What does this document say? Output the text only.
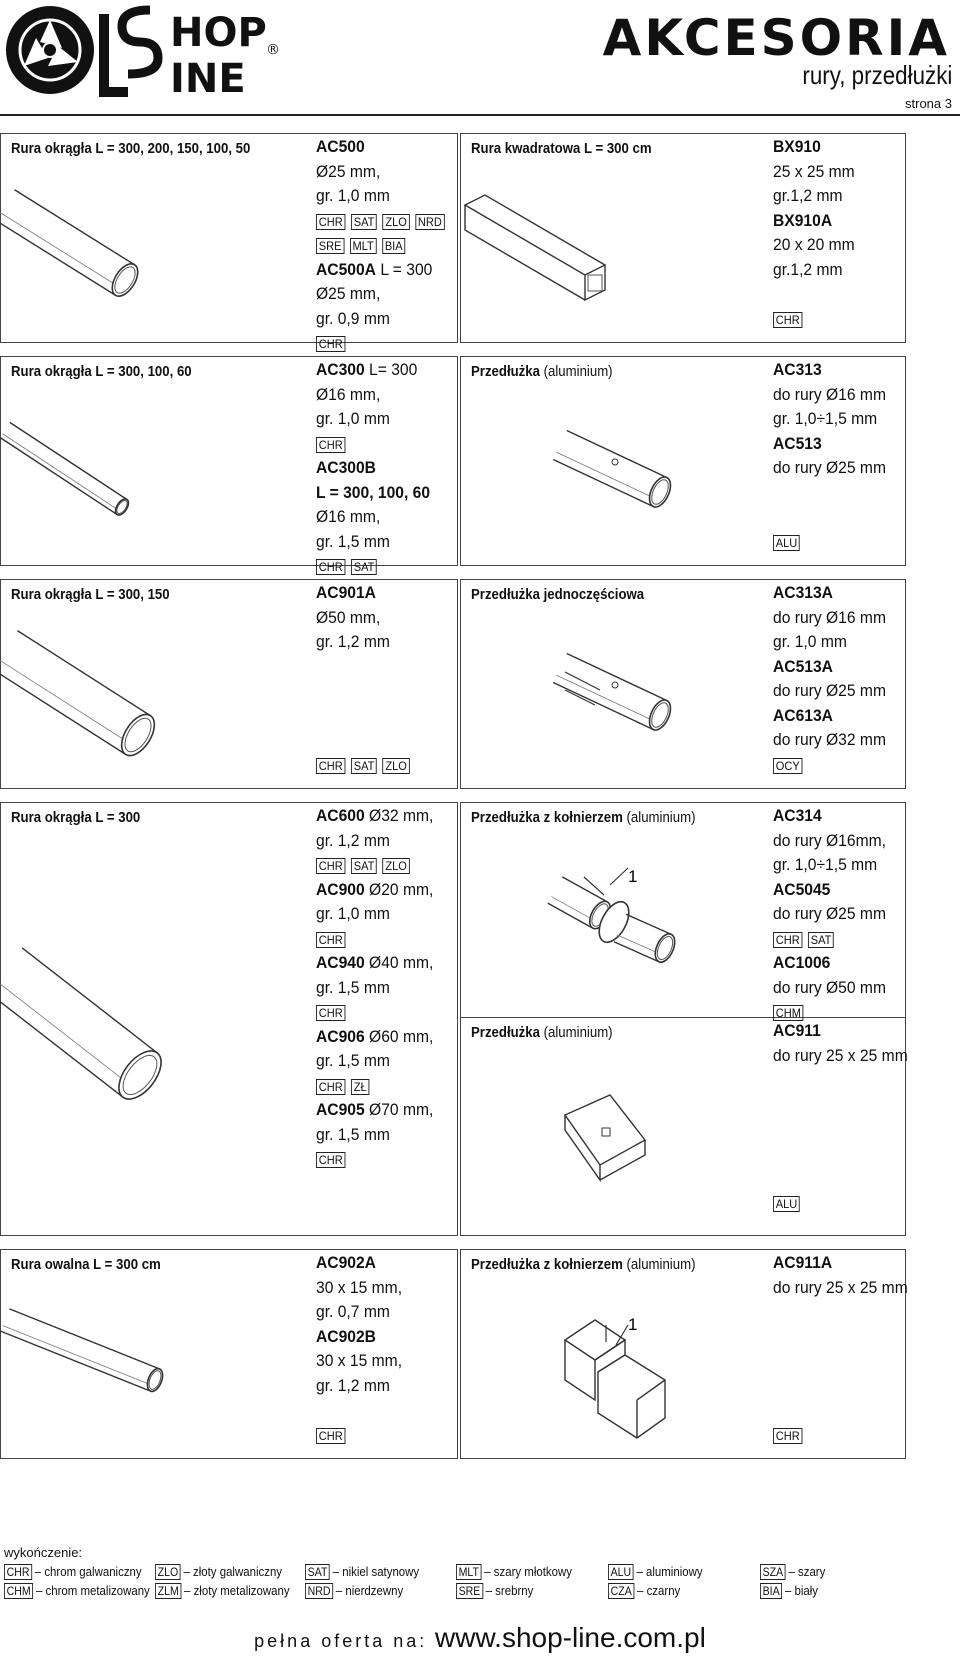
HOP
INE
®	AKCESORIA
rury, przedłużki
strona 3
Rura okrągła L = 300, 200, 150, 100, 50	AC500
Ø25 mm,
gr. 1,0 mm
CHR SAT ZLO NRD
SRE MLT BIA
AC500A L = 300
Ø25 mm,
gr. 0,9 mm
CHR
Rura kwadratowa L = 300 cm	BX910
25 x 25 mm
gr.1,2 mm
BX910A
20 x 20 mm
gr.1,2 mm

CHR
Rura okrągła L = 300, 100, 60	AC300 L= 300
Ø16 mm,
gr. 1,0 mm
CHR
AC300B
L = 300, 100, 60
Ø16 mm,
gr. 1,5 mm
CHR SAT
Przedłużka (aluminium)	AC313
do rury Ø16 mm
gr. 1,0÷1,5 mm
AC513
do rury Ø25 mm

ALU
Rura okrągła L = 300, 150	AC901A
Ø50 mm,
gr. 1,2 mm

CHR SAT ZLO
Przedłużka jednoczęściowa	AC313A
do rury Ø16 mm
gr. 1,0 mm
AC513A
do rury Ø25 mm
AC613A
do rury Ø32 mm
OCY
Rura okrągła L = 300	AC600 Ø32 mm,
gr. 1,2 mm
CHR SAT ZLO
AC900 Ø20 mm,
gr. 1,0 mm
CHR
AC940 Ø40 mm,
gr. 1,5 mm
CHR
AC906 Ø60 mm,
gr. 1,5 mm
CHR ZŁ
AC905 Ø70 mm,
gr. 1,5 mm
CHR
Przedłużka z kołnierzem (aluminium)	AC314
do rury Ø16mm,
gr. 1,0÷1,5 mm
AC5045
do rury Ø25 mm
CHR SAT
AC1006
do rury Ø50 mm
CHM
Przedłużka (aluminium)	AC911
do rury 25 x 25 mm

ALU
Rura owalna L = 300 cm	AC902A
30 x 15 mm,
gr. 0,7 mm
AC902B
30 x 15 mm,
gr. 1,2 mm

CHR
Przedłużka z kołnierzem (aluminium)	AC911A
do rury 25 x 25 mm

CHR
wykończenie:
CHR – chrom galwaniczny ZLO – złoty galwaniczny SAT – nikiel satynowy	MLT – szary młotkowy	ALU – aluminiowy	SZA – szary
CHM – chrom metalizowany ZLM – złoty metalizowany NRD – nierdzewny	SRE – srebrny	CZA – czarny	BIA – biały
pełna oferta na: www.shop-line.com.pl
1
1
